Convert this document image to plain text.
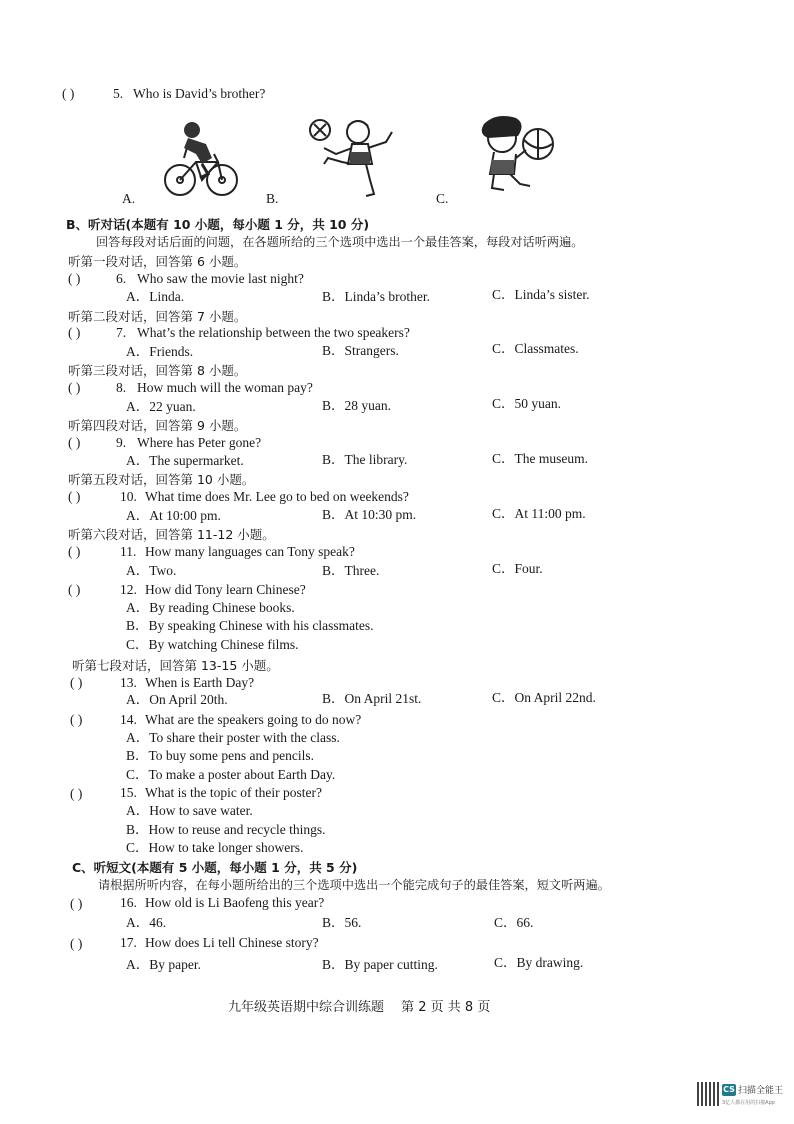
( )	5. Who is David’s brother?
A.	B.	C.
B、听对话(本题有 10 小题，每小题 1 分，共 10 分)
回答每段对话后面的问题，在各题所给的三个选项中选出一个最佳答案，每段对话听两遍。
听第一段对话，回答第 6 小题。
( )	6. Who saw the movie last night?
A．Linda.	B．Linda’s brother.	C．Linda’s sister.
听第二段对话，回答第 7 小题。
( )	7. What’s the relationship between the two speakers?
A．Friends.	B．Strangers.	C．Classmates.
听第三段对话，回答第 8 小题。
( )	8. How much will the woman pay?
A．22 yuan.	B．28 yuan.	C．50 yuan.
听第四段对话，回答第 9 小题。
( )	9. Where has Peter gone?
A．The supermarket.	B．The library.	C．The museum.
听第五段对话，回答第 10 小题。
( )	10. What time does Mr. Lee go to bed on weekends?
A．At 10:00 pm.	B．At 10:30 pm.	C．At 11:00 pm.
听第六段对话，回答第 11-12 小题。
( )	11. How many languages can Tony speak?
A．Two.	B．Three.	C．Four.
( )	12. How did Tony learn Chinese?
A．By reading Chinese books.
B．By speaking Chinese with his classmates.
C．By watching Chinese films.
听第七段对话，回答第 13-15 小题。
( )	13. When is Earth Day?
A．On April 20th.	B．On April 21st.	C．On April 22nd.
( )	14. What are the speakers going to do now?
A．To share their poster with the class.
B．To buy some pens and pencils.
C．To make a poster about Earth Day.
( )	15. What is the topic of their poster?
A．How to save water.
B．How to reuse and recycle things.
C．How to take longer showers.
C、听短文(本题有 5 小题，每小题 1 分，共 5 分)
请根据所听内容，在每小题所给出的三个选项中选出一个能完成句子的最佳答案，短文听两遍。
( )	16. How old is Li Baofeng this year?
A．46.	B．56.	C．66.
( )	17. How does Li tell Chinese story?
A．By paper.	B．By paper cutting.	C．By drawing.
九年级英语期中综合训练题　 第 2 页 共 8 页
CS 扫描全能王
3亿人都在用的扫描App
